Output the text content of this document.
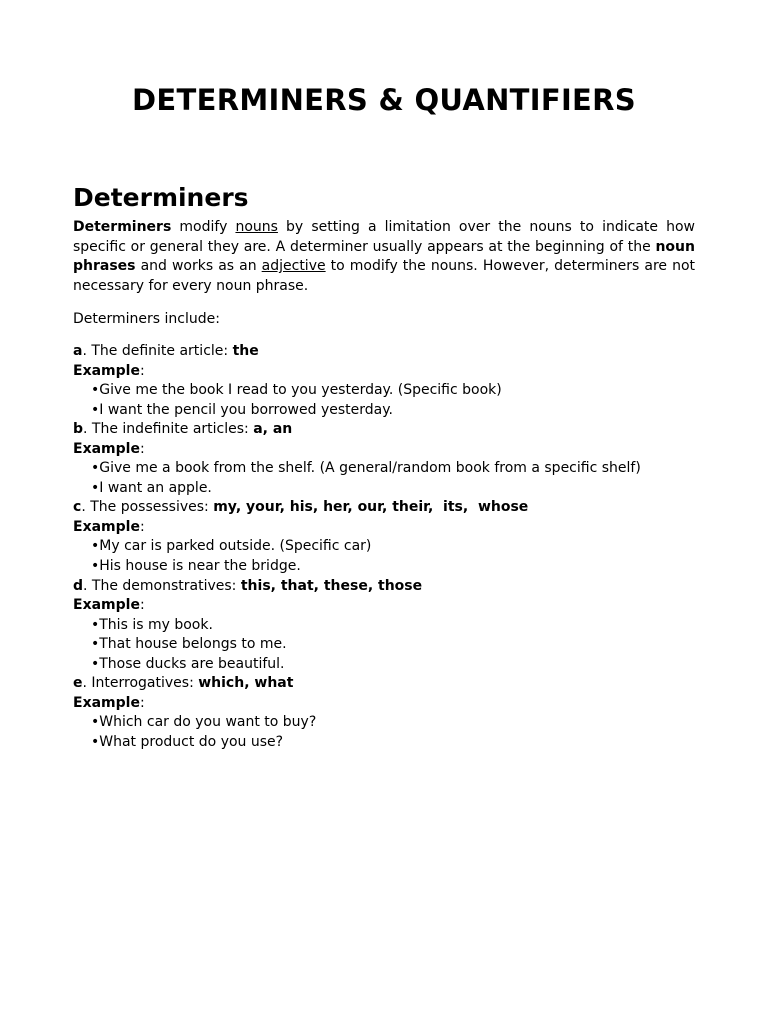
DETERMINERS & QUANTIFIERS
Determiners

Determiners modify nouns by setting a limitation over the nouns to indicate how specific or general they are. A determiner usually appears at the beginning of the noun phrases and works as an adjective to modify the nouns. However, determiners are not necessary for every noun phrase.

Determiners include:

a. The definite article: the
Example:
•Give me the book I read to you yesterday. (Specific book)
•I want the pencil you borrowed yesterday.
b. The indefinite articles: a, an
Example:
•Give me a book from the shelf. (A general/random book from a specific shelf)
•I want an apple.
c. The possessives: my, your, his, her, our, their,  its,  whose
Example:
•My car is parked outside. (Specific car)
•His house is near the bridge.
d. The demonstratives: this, that, these, those
Example:
•This is my book.
•That house belongs to me.
•Those ducks are beautiful.
e. Interrogatives: which, what
Example:
•Which car do you want to buy?
•What product do you use?
